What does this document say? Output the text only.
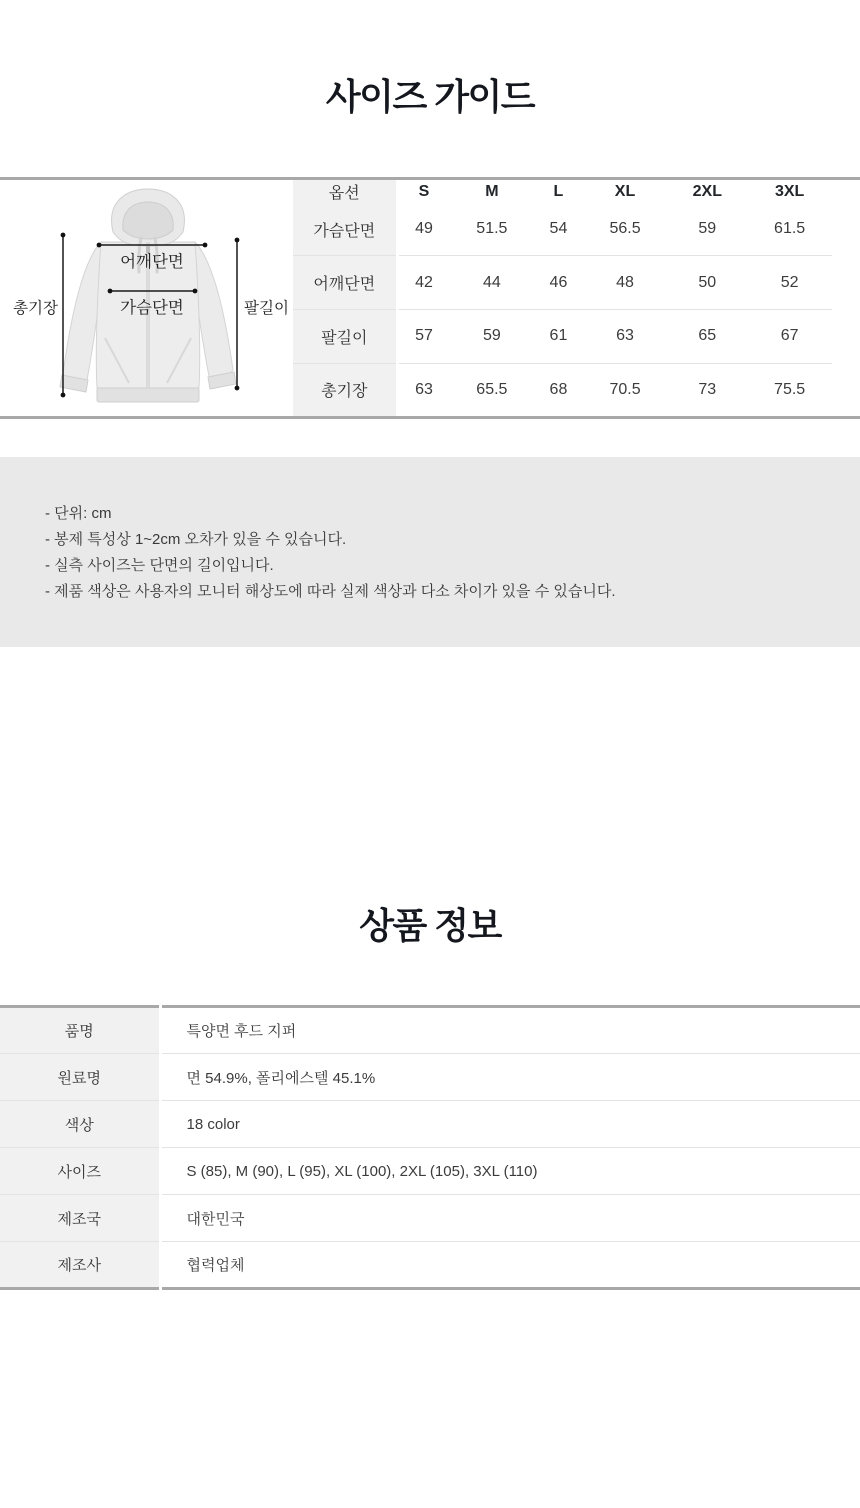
사이즈 가이드
어깨단면
가슴단면
총기장	팔길이
옵션	S	M	L	XL	2XL	3XL
가슴단면	49	51.5	54	56.5	59	61.5
어깨단면	42	44	46	48	50	52
팔길이	57	59	61	63	65	67
총기장	63	65.5	68	70.5	73	75.5

- 단위: cm

- 봉제 특성상 1~2cm 오차가 있을 수 있습니다.

- 실측 사이즈는 단면의 길이입니다.

- 제품 색상은 사용자의 모니터 해상도에 따라 실제 색상과 다소 차이가 있을 수 있습니다.

상품 정보
품명	특양면 후드 지퍼
원료명	면 54.9%, 폴리에스텔 45.1%
색상	18 color
사이즈	S (85), M (90), L (95), XL (100), 2XL (105), 3XL (110)
제조국	대한민국
제조사	협력업체
